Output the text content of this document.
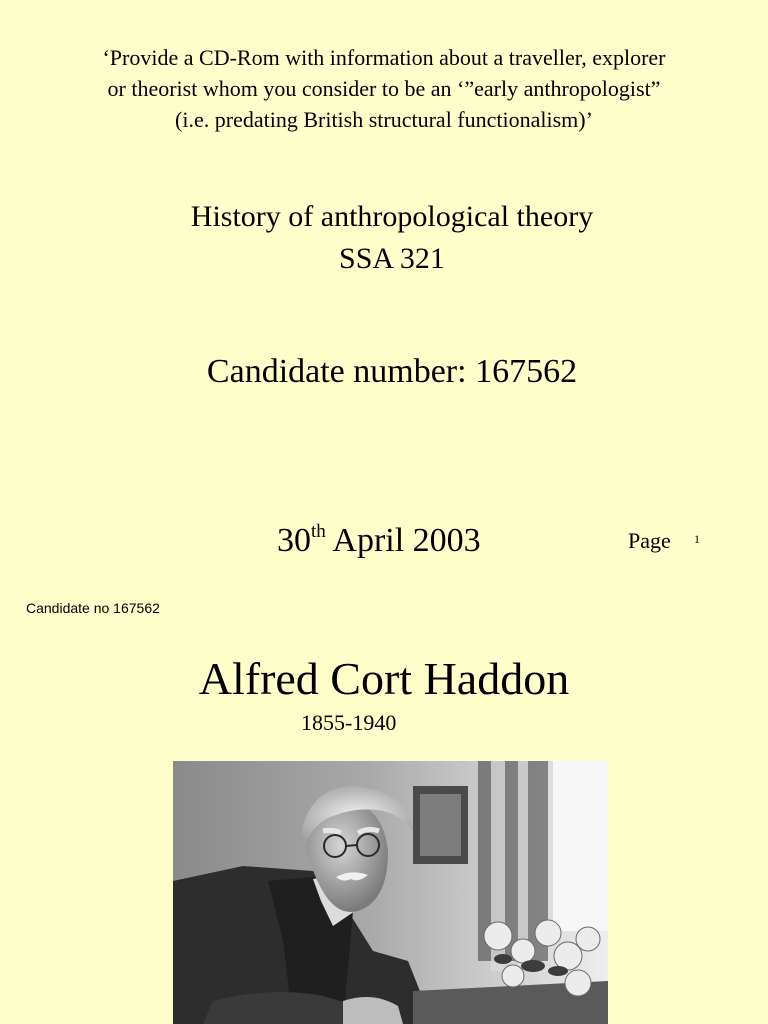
‘Provide a CD-Rom with information about a traveller, explorer
or theorist whom you consider to be an ‘”early anthropologist”
(i.e. predating British structural functionalism)’
History of anthropological theory
SSA 321
Candidate number: 167562
30th April 2003	Page 1
Candidate no 167562
Alfred Cort Haddon
1855-1940
